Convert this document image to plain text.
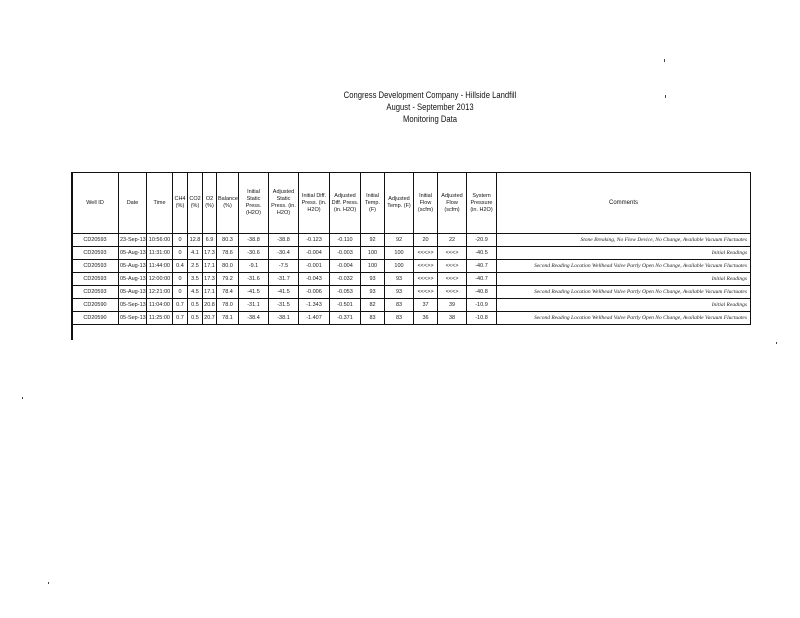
Congress Development Company - Hillside Landfill
August - September 2013
Monitoring Data
Well ID	Date	Time	CH4 (%)	CO2 (%)	O2 (%)	Balance (%)	Initial Static Press. (H2O)	Adjusted Static Press. (in. H2O)	Initial Diff. Press. (in. H2O)	Adjusted Diff. Press. (in. H2O)	Initial Temp. (F)	Adjusted Temp. (F)	Initial Flow (scfm)	Adjusted Flow (scfm)	System Pressure (in. H2O)	Comments
CD20593	23-Sep-13	10:56:00	0	12.8	6.9	80.3	-38.8	-38.8	-0.123	-0.110	92	92	20	22	-20.9	Stone Breaking, No Flow Device, No Change, Available Vacuum Fluctuates
CD20593	05-Aug-13	11:31:00	0	4.1	17.3	78.6	-30.6	-30.4	-0.004	-0.003	100	100	<<<>>	<<<>	-40.5	Initial Readings
CD20593	05-Aug-13	11:44:00	0.4	2.5	17.1	80.0	-9.1	-7.5	-0.001	-0.004	100	100	<<<>>	<<<>	-40.7	Second Reading Location Wellhead Valve Partly Open No Change, Available Vacuum Fluctuates
CD20593	05-Aug-13	12:00:00	0	3.5	17.3	79.2	-31.6	-31.7	-0.043	-0.032	93	93	<<<>>	<<<>	-40.7	Initial Readings
CD20593	05-Aug-13	12:21:00	0	4.5	17.1	78.4	-41.5	-41.5	-0.006	-0.053	93	93	<<<>>	<<<>	-40.8	Second Reading Location Wellhead Valve Partly Open No Change, Available Vacuum Fluctuates
CD20590	05-Sep-13	11:04:00	0.7	0.5	20.8	78.0	-31.1	-31.5	-1.343	-0.501	82	83	37	39	-10.9	Initial Readings
CD20590	05-Sep-13	11:25:00	0.7	0.5	20.7	78.1	-38.4	-38.1	-1.407	-0.371	83	83	36	38	-10.8	Second Reading Location Wellhead Valve Partly Open No Change, Available Vacuum Fluctuates
